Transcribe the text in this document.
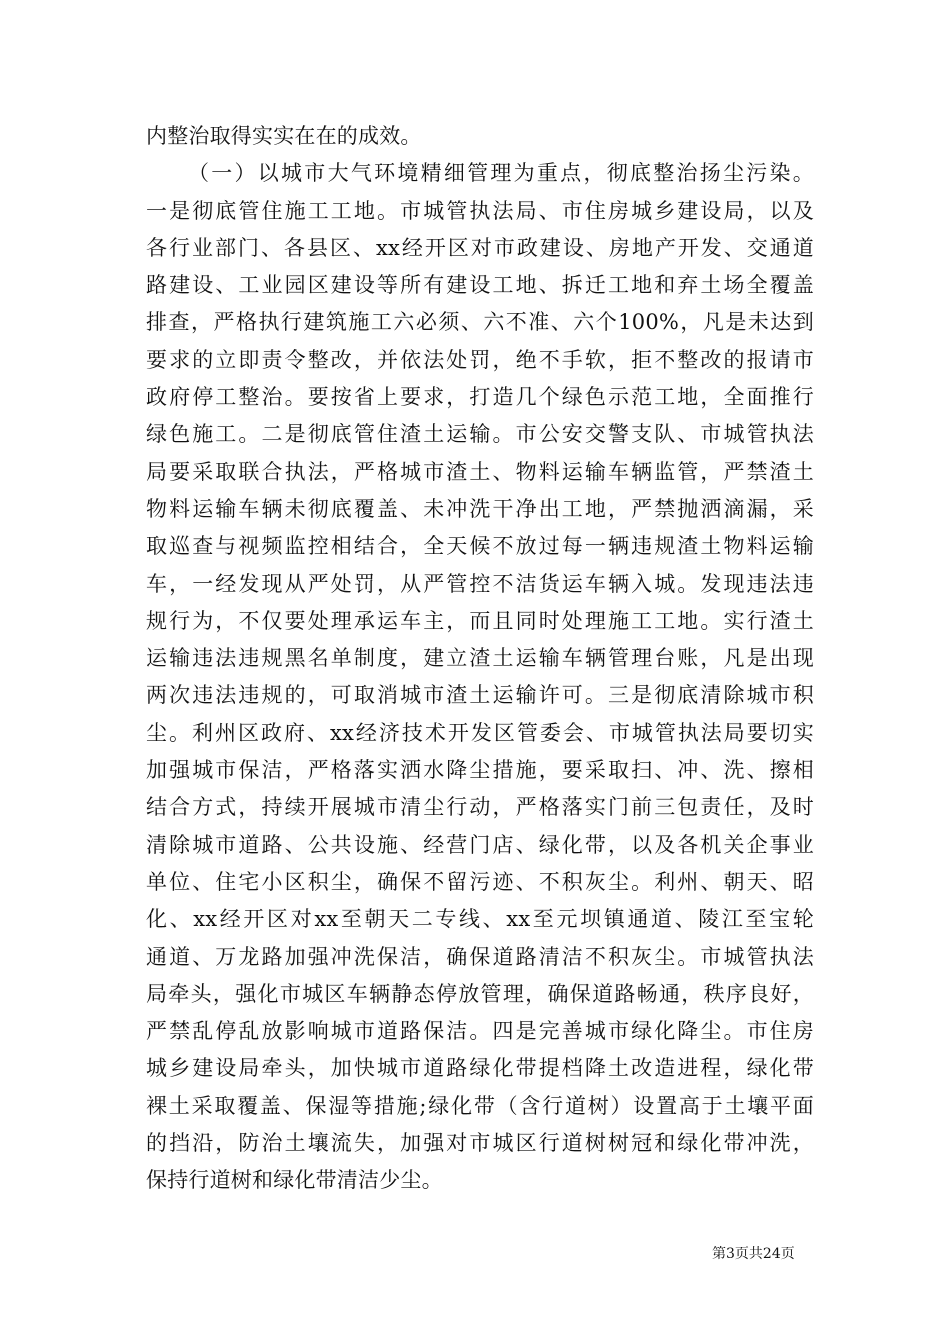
内整治取得实实在在的成效。
（一）以城市大气环境精细管理为重点，彻底整治扬尘污染。
一是彻底管住施工工地。市城管执法局、市住房城乡建设局，以及
各行业部门、各县区、xx经开区对市政建设、房地产开发、交通道
路建设、工业园区建设等所有建设工地、拆迁工地和弃土场全覆盖
排查，严格执行建筑施工六必须、六不准、六个100%，凡是未达到
要求的立即责令整改，并依法处罚，绝不手软，拒不整改的报请市
政府停工整治。要按省上要求，打造几个绿色示范工地，全面推行
绿色施工。二是彻底管住渣土运输。市公安交警支队、市城管执法
局要采取联合执法，严格城市渣土、物料运输车辆监管，严禁渣土
物料运输车辆未彻底覆盖、未冲洗干净出工地，严禁抛洒滴漏，采
取巡查与视频监控相结合，全天候不放过每一辆违规渣土物料运输
车，一经发现从严处罚，从严管控不洁货运车辆入城。发现违法违
规行为，不仅要处理承运车主，而且同时处理施工工地。实行渣土
运输违法违规黑名单制度，建立渣土运输车辆管理台账，凡是出现
两次违法违规的，可取消城市渣土运输许可。三是彻底清除城市积
尘。利州区政府、xx经济技术开发区管委会、市城管执法局要切实
加强城市保洁，严格落实洒水降尘措施，要采取扫、冲、洗、擦相
结合方式，持续开展城市清尘行动，严格落实门前三包责任，及时
清除城市道路、公共设施、经营门店、绿化带，以及各机关企事业
单位、住宅小区积尘，确保不留污迹、不积灰尘。利州、朝天、昭
化、xx经开区对xx至朝天二专线、xx至元坝镇通道、陵江至宝轮
通道、万龙路加强冲洗保洁，确保道路清洁不积灰尘。市城管执法
局牵头，强化市城区车辆静态停放管理，确保道路畅通，秩序良好，
严禁乱停乱放影响城市道路保洁。四是完善城市绿化降尘。市住房
城乡建设局牵头，加快城市道路绿化带提档降土改造进程，绿化带
裸土采取覆盖、保湿等措施;绿化带（含行道树）设置高于土壤平面
的挡沿，防治土壤流失，加强对市城区行道树树冠和绿化带冲洗，
保持行道树和绿化带清洁少尘。
第3页共24页
